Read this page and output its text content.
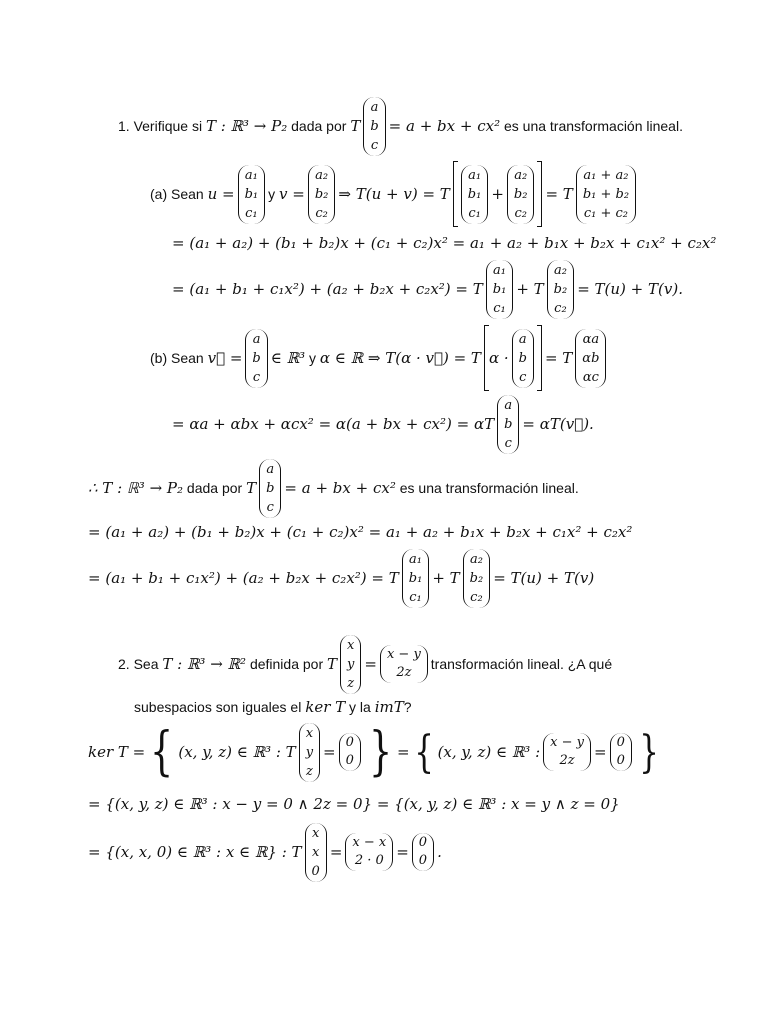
1. Verifique si
T : ℝ³ → P₂
dada por
T
a
b
c
= a + bx + cx²
es una transformación lineal.
(a) Sean
u =
a₁
b₁
c₁
y
v =
a₂
b₂
c₂
⇒ T(u + v) = T
a₁
b₁
c₁
+
a₂
b₂
c₂
= T
a₁ + a₂
b₁ + b₂
c₁ + c₂
= (a₁ + a₂) + (b₁ + b₂)x + (c₁ + c₂)x² = a₁ + a₂ + b₁x + b₂x + c₁x² + c₂x²
= (a₁ + b₁ + c₁x²) + (a₂ + b₂x + c₂x²) = T
a₁
b₁
c₁
+ T
a₂
b₂
c₂
= T(u) + T(v).
(b) Sean
v⃗ =
a
b
c
∈ ℝ³
y
α ∈ ℝ ⇒ T(α · v⃗) = T α ·
a
b
c
= T
αa
αb
αc
= αa + αbx + αcx² = α(a + bx + cx²) = αT
a
b
c
= αT(v⃗).
∴ T : ℝ³ → P₂
dada por
T
a
b
c
= a + bx + cx²
es una transformación lineal.
= (a₁ + a₂) + (b₁ + b₂)x + (c₁ + c₂)x² = a₁ + a₂ + b₁x + b₂x + c₁x² + c₂x²
= (a₁ + b₁ + c₁x²) + (a₂ + b₂x + c₂x²) = T
a₁
b₁
c₁
+ T
a₂
b₂
c₂
= T(u) + T(v)
2. Sea
T : ℝ³ → ℝ²
definida por
T
x
y
z
=
x − y
2z
transformación lineal. ¿A qué
subespacios son iguales el
ker T
y la
imT ?
ker T = { (x, y, z) ∈ ℝ³ : T
x
y
z
=
0
0 } = { (x, y, z) ∈ ℝ³ :
x − y
2z =
0
0 }
= {(x, y, z) ∈ ℝ³ : x − y = 0 ∧ 2z = 0} = {(x, y, z) ∈ ℝ³ : x = y ∧ z = 0}
= {(x, x, 0) ∈ ℝ³ : x ∈ ℝ} : T
x
x
0
=
x − x
2 · 0 =
0
0 .
